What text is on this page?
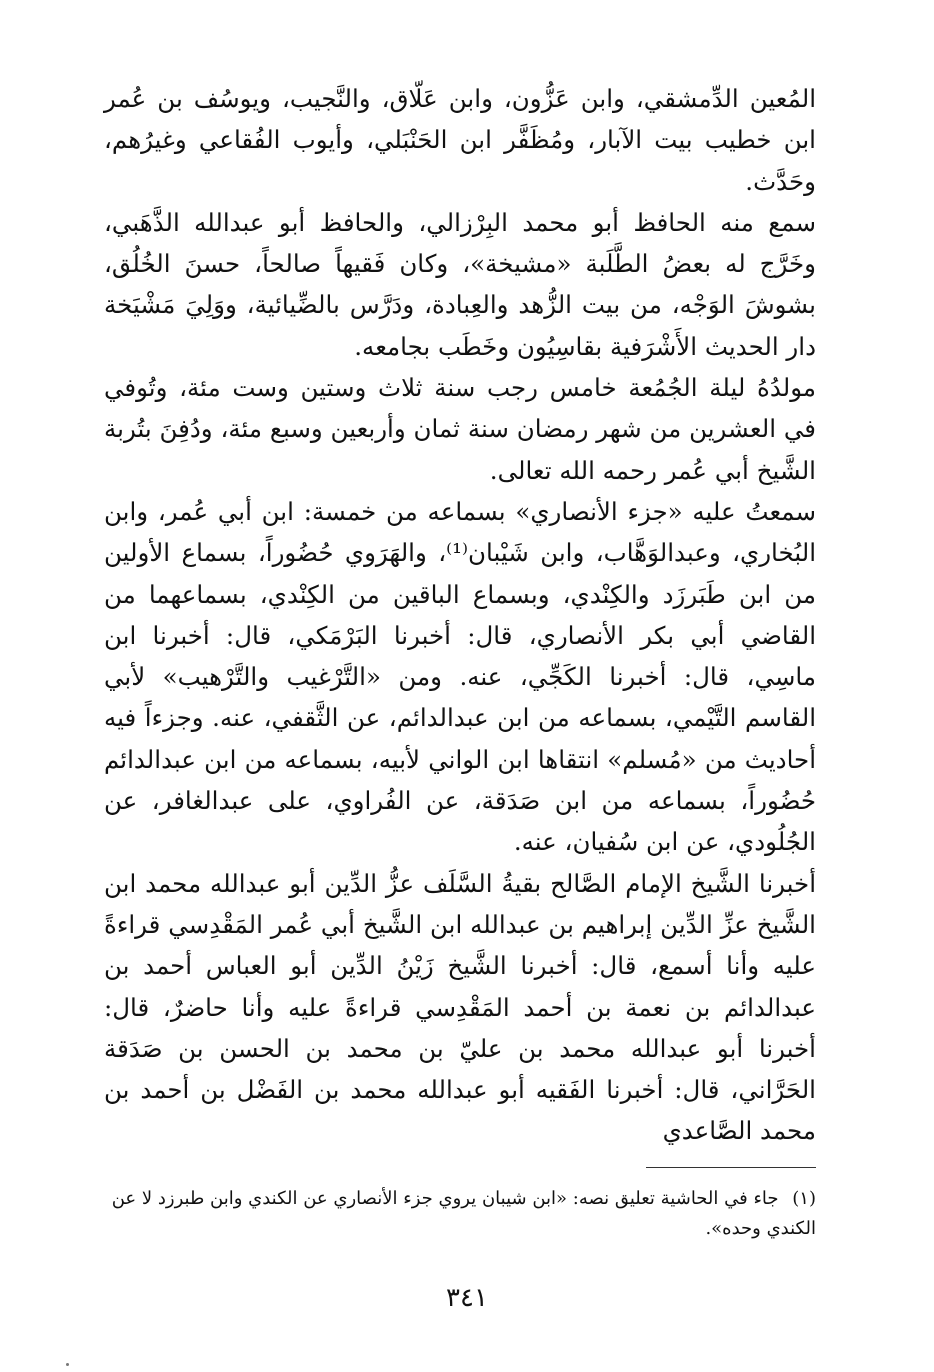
المُعين الدِّمشقي، وابن عَزُّون، وابن عَلّاق، والنَّجيب، ويوسُف بن عُمر ابن خطيب بيت الآبار، ومُظَفَّر ابن الحَنْبَلي، وأيوب الفُقاعي وغيرُهم، وحَدَّث.

سمع منه الحافظ أبو محمد البِرْزالي، والحافظ أبو عبدالله الذَّهَبي، وخَرَّج له بعضُ الطَّلَبة «مشيخة»، وكان فَقيهاً صالحاً، حسنَ الخُلُق، بشوشَ الوَجْه، من بيت الزُّهد والعِبادة، ودَرَّس بالضِّيائية، ووَلِيَ مَشْيَخة دار الحديث الأَشْرَفية بقاسِيُون وخَطَب بجامعه.

مولدُهُ ليلة الجُمُعة خامس رجب سنة ثلاث وستين وست مئة، وتُوفي في العشرين من شهر رمضان سنة ثمان وأربعين وسبع مئة، ودُفِنَ بتُربة الشَّيخ أبي عُمر رحمه الله تعالى.

سمعتُ عليه «جزء الأنصاري» بسماعه من خمسة: ابن أبي عُمر، وابن البُخاري، وعبدالوَهَّاب، وابن شَيْبان⁽¹⁾، والهَرَوي حُضُوراً، بسماع الأولين من ابن طَبَرزَد والكِنْدي، وبسماع الباقين من الكِنْدي، بسماعهما من القاضي أبي بكر الأنصاري، قال: أخبرنا البَرْمَكي، قال: أخبرنا ابن ماسِي، قال: أخبرنا الكَجِّي، عنه. ومن «التَّرْغيب والتَّرْهيب» لأبي القاسم التَّيْمي، بسماعه من ابن عبدالدائم، عن الثَّقفي، عنه. وجزءاً فيه أحاديث من «مُسلم» انتقاها ابن الواني لأبيه، بسماعه من ابن عبدالدائم حُضُوراً، بسماعه من ابن صَدَقة، عن الفُراوي، على عبدالغافر، عن الجُلُودي، عن ابن سُفيان، عنه.

أخبرنا الشَّيخ الإمام الصَّالح بقيةُ السَّلَف عزُّ الدِّين أبو عبدالله محمد ابن الشَّيخ عزِّ الدِّين إبراهيم بن عبدالله ابن الشَّيخ أبي عُمر المَقْدِسي قراءةً عليه وأنا أسمع، قال: أخبرنا الشَّيخ زَيْنُ الدِّين أبو العباس أحمد بن عبدالدائم بن نعمة بن أحمد المَقْدِسي قراءةً عليه وأنا حاضرٌ، قال: أخبرنا أبو عبدالله محمد بن عليّ بن محمد بن الحسن بن صَدَقة الحَرَّاني، قال: أخبرنا الفَقيه أبو عبدالله محمد بن الفَضْل بن أحمد بن محمد الصَّاعدي

(١) جاء في الحاشية تعليق نصه: «ابن شيبان يروي جزء الأنصاري عن الكندي وابن طبرزد لا عن الكندي وحده».
٣٤١
